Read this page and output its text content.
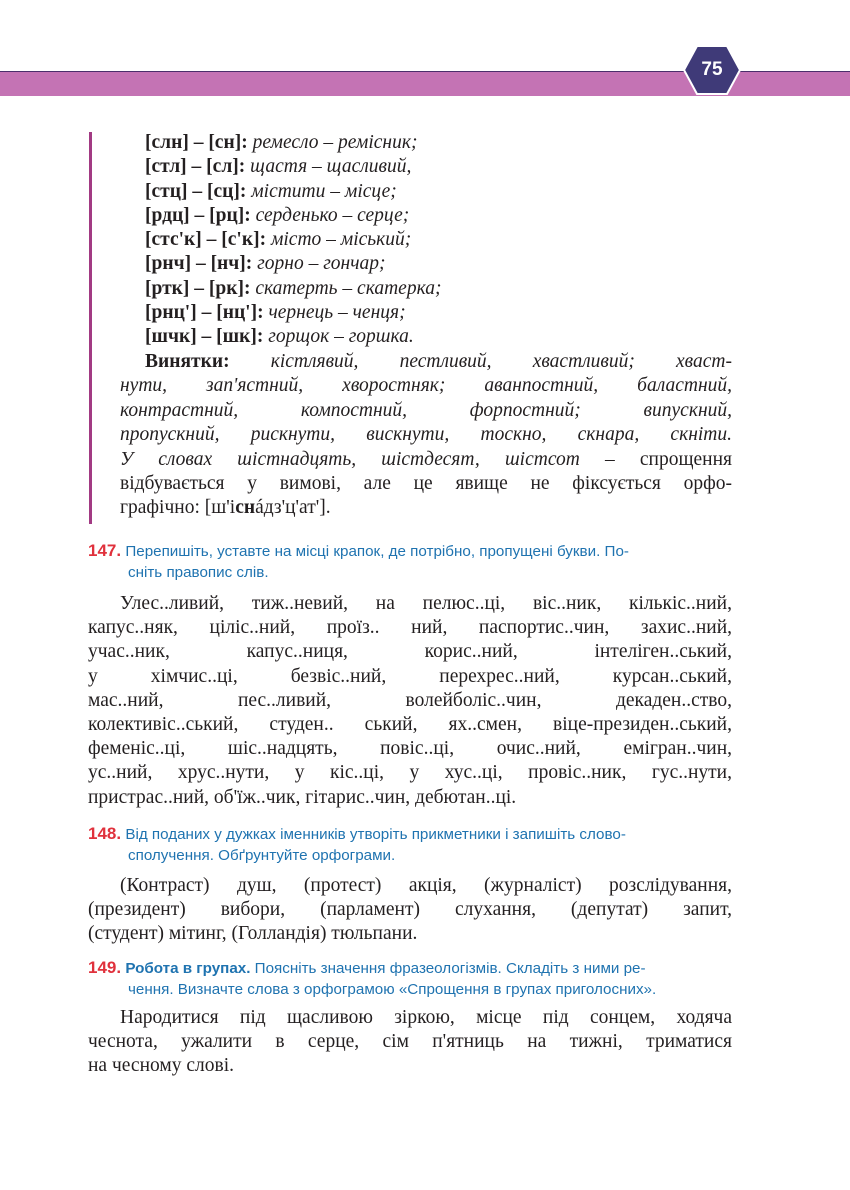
75
[слн] – [сн]: ремесло – ремісник;
[стл] – [сл]: щастя – щасливий,
[стц] – [сц]: містити – місце;
[рдц] – [рц]: серденько – серце;
[стс'к] – [с'к]: місто – міський;
[рнч] – [нч]: горно – гончар;
[ртк] – [рк]: скатерть – скатерка;
[рнц'] – [нц']: чернець – ченця;
[шчк] – [шк]: горщок – горшка.
Винятки: кістлявий, пестливий, хвастливий; хваст-
нути, зап'ястний, хворостняк; аванпостний, баластний,
контрастний, компостний, форпостний; випускний,
пропускний, рискнути, вискнути, тоскно, скнара, скніти.
У словах шістнадцять, шістдесят, шістсот – спрощення
відбувається у вимові, але це явище не фіксується орфо-
графічно: [ш'існáдз'ц'ат'].
147. Перепишіть, уставте на місці крапок, де потрібно, пропущені букви. По-
сніть правопис слів.
Улес..ливий, тиж..невий, на пелюс..ці, віс..ник, кількіс..ний,
капус..няк, ціліс..ний, проїз.. ний, паспортис..чин, захис..ний,
учас..ник, капус..ниця, корис..ний, інтеліген..ський,
у хімчис..ці, безвіс..ний, перехрес..ний, курсан..ський,
мас..ний, пес..ливий, волейболіс..чин, декаден..ство,
колективіс..ський, студен.. ський, ях..смен, віце-президен..ський,
феменіс..ці, шіс..надцять, повіс..ці, очис..ний, емігран..чин,
ус..ний, хрус..нути, у кіс..ці, у хус..ці, провіс..ник, гус..нути,
пристрас..ний, об'їж..чик, гітарис..чин, дебютан..ці.
148. Від поданих у дужках іменників утворіть прикметники і запишіть слово-
сполучення. Обґрунтуйте орфограми.
(Контраст) душ, (протест) акція, (журналіст) розслідування,
(президент) вибори, (парламент) слухання, (депутат) запит,
(студент) мітинг, (Голландія) тюльпани.
149. Робота в групах. Поясніть значення фразеологізмів. Складіть з ними ре-
чення. Визначте слова з орфограмою «Спрощення в групах приголосних».
Народитися під щасливою зіркою, місце під сонцем, ходяча
чеснота, ужалити в серце, сім п'ятниць на тижні, триматися
на чесному слові.
